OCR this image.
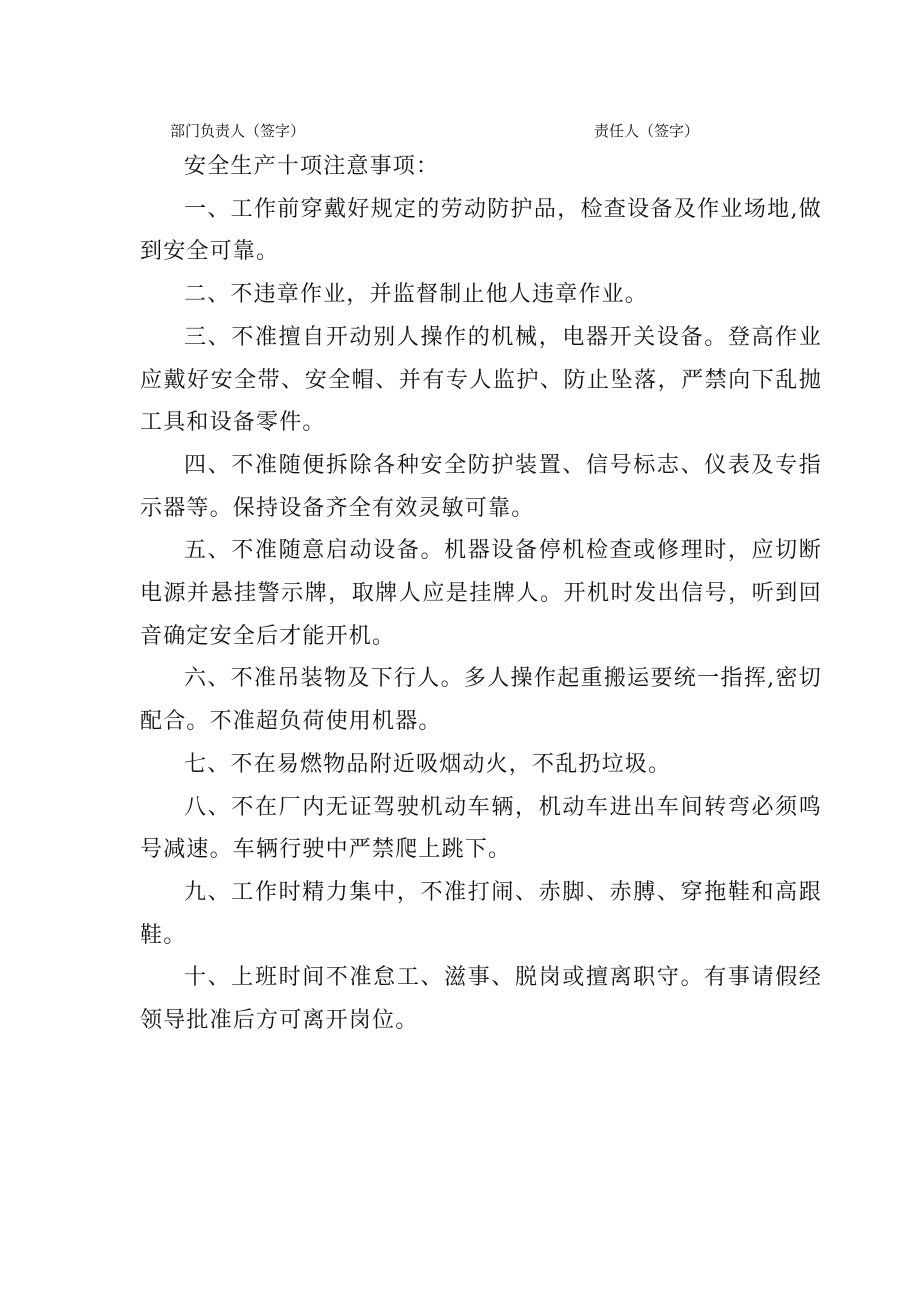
部门负责人（签字）	责任人（签字）

安全生产十项注意事项：

一、工作前穿戴好规定的劳动防护品，检查设备及作业场地,做到安全可靠。

二、不违章作业，并监督制止他人违章作业。

三、不准擅自开动别人操作的机械，电器开关设备。登高作业应戴好安全带、安全帽、并有专人监护、防止坠落，严禁向下乱抛工具和设备零件。

四、不准随便拆除各种安全防护装置、信号标志、仪表及专指示器等。保持设备齐全有效灵敏可靠。

五、不准随意启动设备。机器设备停机检查或修理时，应切断电源并悬挂警示牌，取牌人应是挂牌人。开机时发出信号，听到回音确定安全后才能开机。

六、不准吊装物及下行人。多人操作起重搬运要统一指挥,密切配合。不准超负荷使用机器。

七、不在易燃物品附近吸烟动火，不乱扔垃圾。

八、不在厂内无证驾驶机动车辆，机动车进出车间转弯必须鸣号减速。车辆行驶中严禁爬上跳下。

九、工作时精力集中，不准打闹、赤脚、赤膊、穿拖鞋和高跟鞋。

十、上班时间不准怠工、滋事、脱岗或擅离职守。有事请假经领导批准后方可离开岗位。
